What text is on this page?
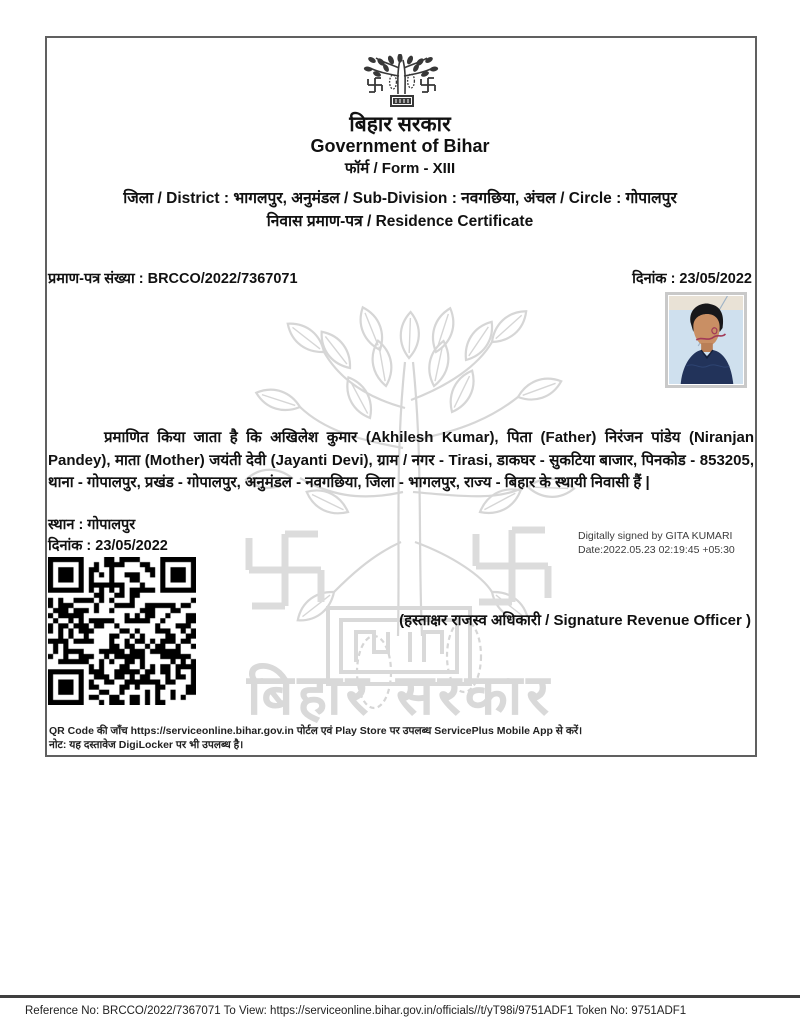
बिहार सरकार
बिहार सरकार
Government of Bihar
फॉर्म / Form - XIII
जिला / District : भागलपुर, अनुमंडल / Sub-Division : नवगछिया, अंचल / Circle : गोपालपुर
निवास प्रमाण-पत्र / Residence Certificate
प्रमाण-पत्र संख्या : BRCCO/2022/7367071	दिनांक : 23/05/2022
प्रमाणित किया जाता है कि अखिलेश कुमार (Akhilesh Kumar), पिता (Father) निरंजन पांडेय (Niranjan Pandey), माता (Mother) जयंती देवी (Jayanti Devi), ग्राम / नगर - Tirasi, डाकघर - सुकटिया बाजार, पिनकोड - 853205, थाना - गोपालपुर, प्रखंड - गोपालपुर, अनुमंडल - नवगछिया, जिला - भागलपुर, राज्य - बिहार के स्थायी निवासी हैं |
स्थान : गोपालपुर
दिनांक : 23/05/2022
Digitally signed by GITA KUMARI
Date:2022.05.23 02:19:45 +05:30
(हस्ताक्षर राजस्व अधिकारी / Signature Revenue Officer )
QR Code की जाँच https://serviceonline.bihar.gov.in पोर्टल एवं Play Store पर उपलब्ध ServicePlus Mobile App से करें।
नोट: यह दस्तावेज DigiLocker पर भी उपलब्ध है।
Reference No: BRCCO/2022/7367071 To View: https://serviceonline.bihar.gov.in/officials//t/yT98i/9751ADF1 Token No: 9751ADF1
